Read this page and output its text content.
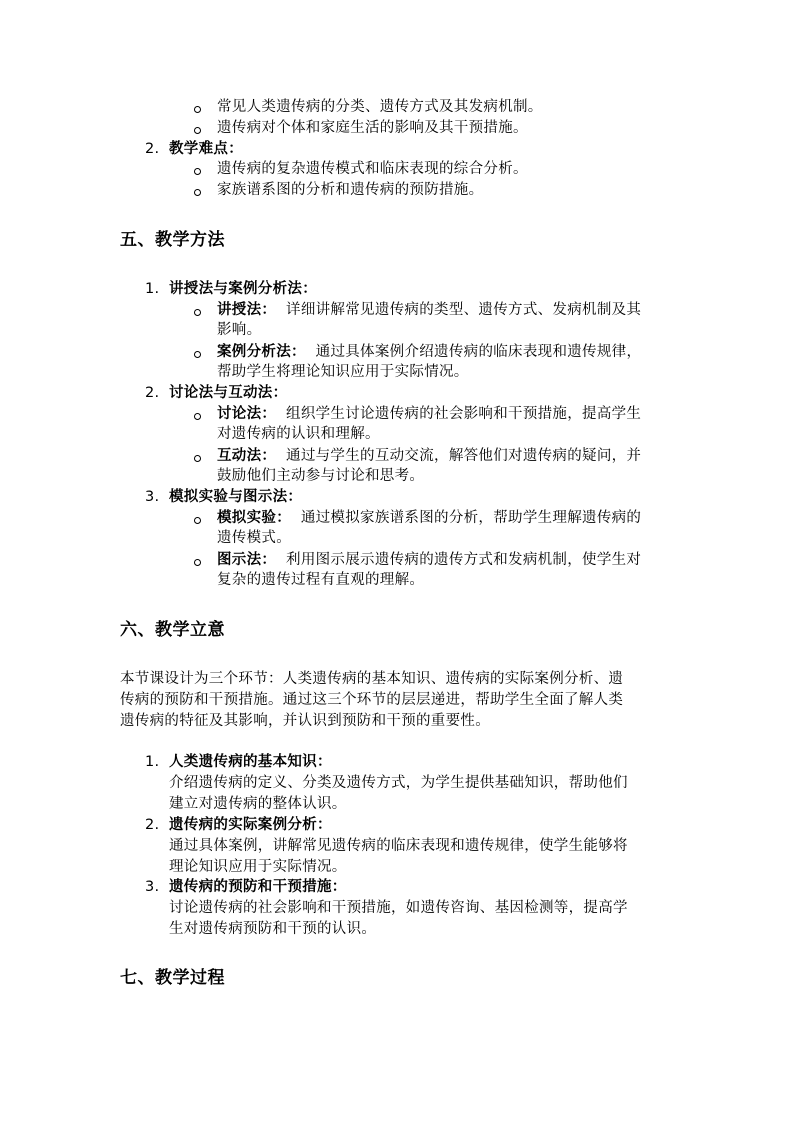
常见人类遗传病的分类、遗传方式及其发病机制。
遗传病对个体和家庭生活的影响及其干预措施。
2. 教学难点：
遗传病的复杂遗传模式和临床表现的综合分析。
家族谱系图的分析和遗传病的预防措施。
五、教学方法
1. 讲授法与案例分析法：
讲授法： 详细讲解常见遗传病的类型、遗传方式、发病机制及其
影响。
案例分析法： 通过具体案例介绍遗传病的临床表现和遗传规律，
帮助学生将理论知识应用于实际情况。
2. 讨论法与互动法：
讨论法： 组织学生讨论遗传病的社会影响和干预措施，提高学生
对遗传病的认识和理解。
互动法： 通过与学生的互动交流，解答他们对遗传病的疑问，并
鼓励他们主动参与讨论和思考。
3. 模拟实验与图示法：
模拟实验： 通过模拟家族谱系图的分析，帮助学生理解遗传病的
遗传模式。
图示法： 利用图示展示遗传病的遗传方式和发病机制，使学生对
复杂的遗传过程有直观的理解。
六、教学立意
本节课设计为三个环节：人类遗传病的基本知识、遗传病的实际案例分析、遗
传病的预防和干预措施。通过这三个环节的层层递进，帮助学生全面了解人类
遗传病的特征及其影响，并认识到预防和干预的重要性。
1. 人类遗传病的基本知识：
介绍遗传病的定义、分类及遗传方式，为学生提供基础知识，帮助他们
建立对遗传病的整体认识。
2. 遗传病的实际案例分析：
通过具体案例，讲解常见遗传病的临床表现和遗传规律，使学生能够将
理论知识应用于实际情况。
3. 遗传病的预防和干预措施：
讨论遗传病的社会影响和干预措施，如遗传咨询、基因检测等，提高学
生对遗传病预防和干预的认识。
七、教学过程
